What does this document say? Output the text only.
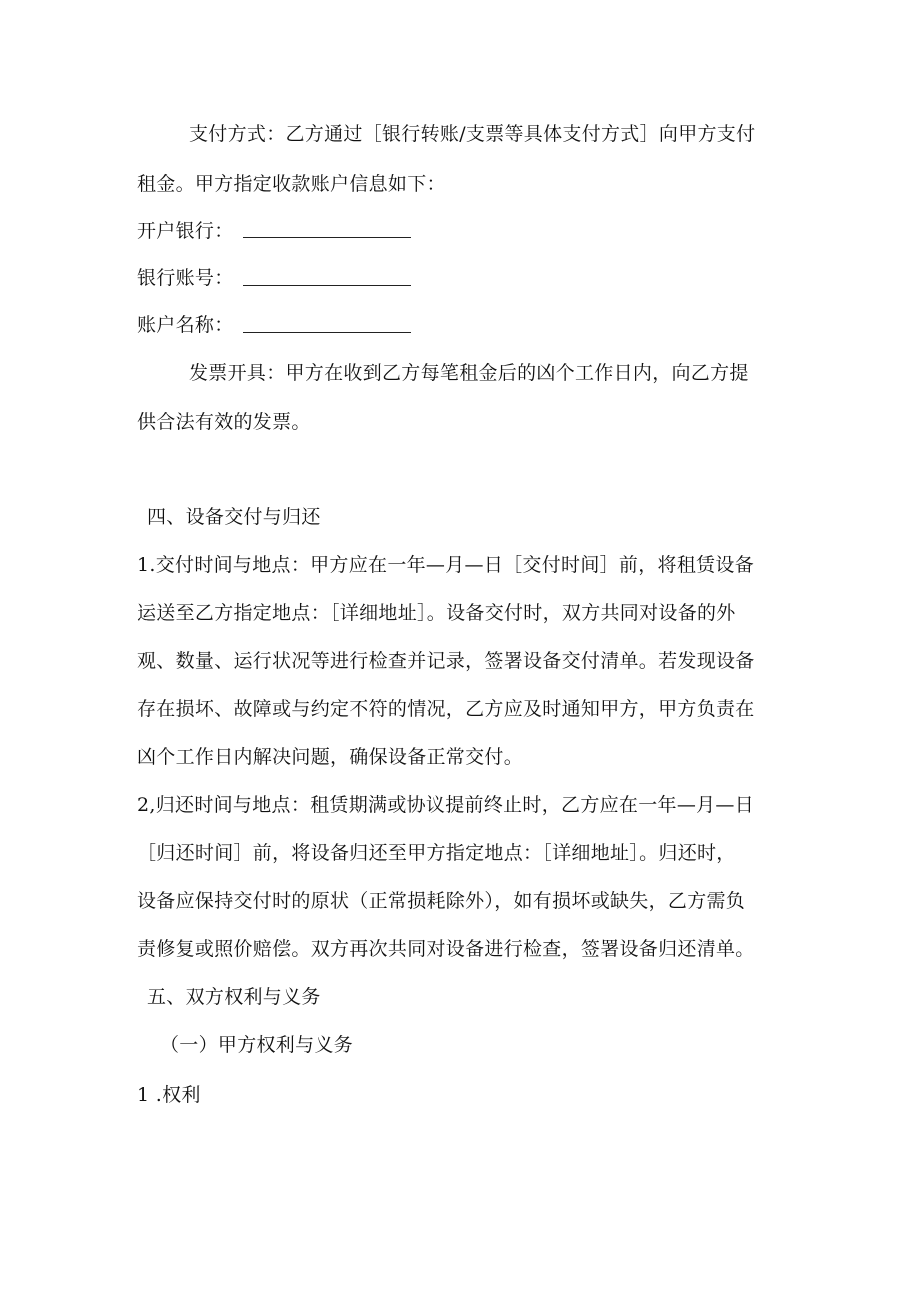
支付方式：乙方通过［银行转账/支票等具体支付方式］向甲方支付
租金。甲方指定收款账户信息如下：
开户银行：
银行账号：
账户名称：
发票开具：甲方在收到乙方每笔租金后的凶个工作日内，向乙方提
供合法有效的发票。
四、设备交付与归还
1.交付时间与地点：甲方应在一年—月—日［交付时间］前，将租赁设备
运送至乙方指定地点：［详细地址］。设备交付时，双方共同对设备的外
观、数量、运行状况等进行检查并记录，签署设备交付清单。若发现设备
存在损坏、故障或与约定不符的情况，乙方应及时通知甲方，甲方负责在
凶个工作日内解决问题，确保设备正常交付。
2,归还时间与地点：租赁期满或协议提前终止时，乙方应在一年—月—日
［归还时间］前，将设备归还至甲方指定地点：［详细地址］。归还时，
设备应保持交付时的原状（正常损耗除外），如有损坏或缺失，乙方需负
责修复或照价赔偿。双方再次共同对设备进行检查，签署设备归还清单。
五、双方权利与义务
（一）甲方权利与义务
1 .权利
